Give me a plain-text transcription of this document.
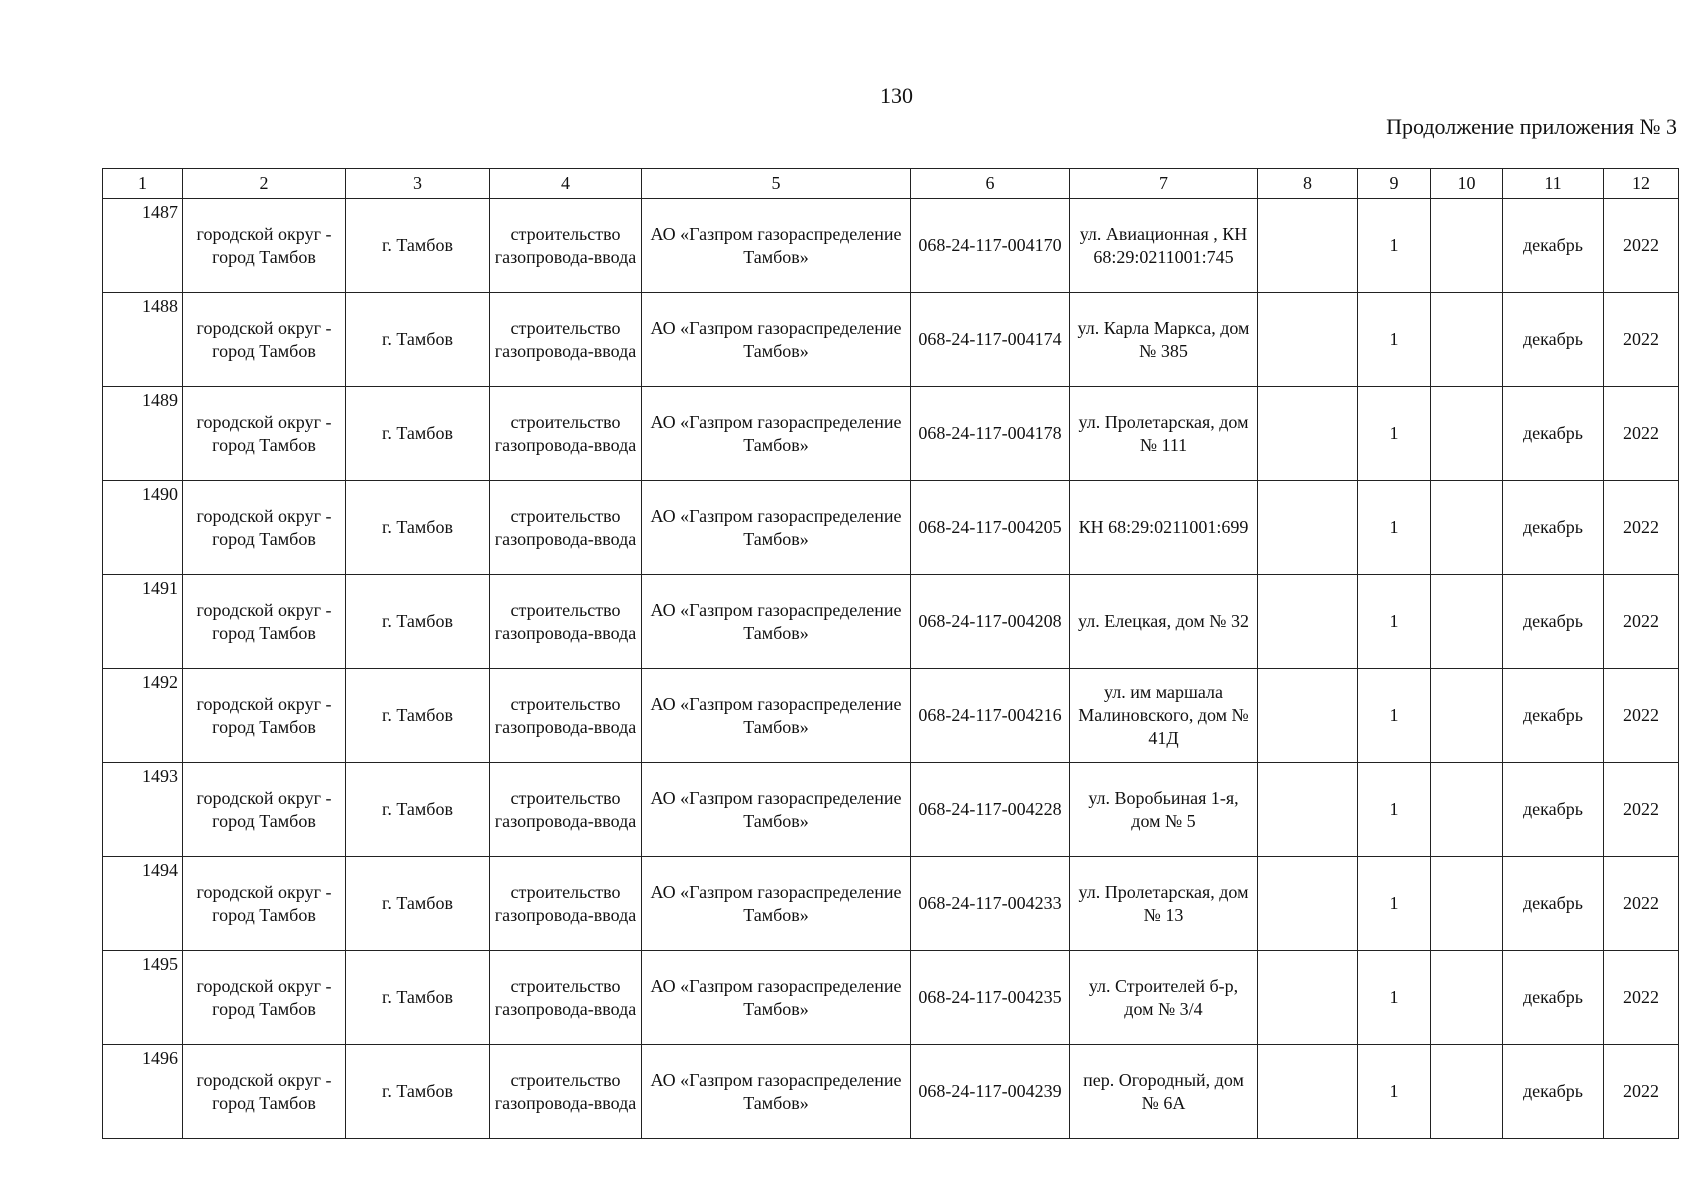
130
Продолжение приложения № 3
1	2	3	4	5	6	7	8	9	10	11	12
1487	городской округ - город Тамбов	г. Тамбов	строительство газопровода-ввода	АО «Газпром газораспределение Тамбов»	068-24-117-004170	ул. Авиационная , КН 68:29:0211001:745		1		декабрь	2022
1488	городской округ - город Тамбов	г. Тамбов	строительство газопровода-ввода	АО «Газпром газораспределение Тамбов»	068-24-117-004174	ул. Карла Маркса, дом № 385		1		декабрь	2022
1489	городской округ - город Тамбов	г. Тамбов	строительство газопровода-ввода	АО «Газпром газораспределение Тамбов»	068-24-117-004178	ул. Пролетарская, дом № 111		1		декабрь	2022
1490	городской округ - город Тамбов	г. Тамбов	строительство газопровода-ввода	АО «Газпром газораспределение Тамбов»	068-24-117-004205	КН 68:29:0211001:699		1		декабрь	2022
1491	городской округ - город Тамбов	г. Тамбов	строительство газопровода-ввода	АО «Газпром газораспределение Тамбов»	068-24-117-004208	ул. Елецкая, дом № 32		1		декабрь	2022
1492	городской округ - город Тамбов	г. Тамбов	строительство газопровода-ввода	АО «Газпром газораспределение Тамбов»	068-24-117-004216	ул. им маршала Малиновского, дом № 41Д		1		декабрь	2022
1493	городской округ - город Тамбов	г. Тамбов	строительство газопровода-ввода	АО «Газпром газораспределение Тамбов»	068-24-117-004228	ул. Воробьиная 1-я, дом № 5		1		декабрь	2022
1494	городской округ - город Тамбов	г. Тамбов	строительство газопровода-ввода	АО «Газпром газораспределение Тамбов»	068-24-117-004233	ул. Пролетарская, дом № 13		1		декабрь	2022
1495	городской округ - город Тамбов	г. Тамбов	строительство газопровода-ввода	АО «Газпром газораспределение Тамбов»	068-24-117-004235	ул. Строителей б-р, дом № 3/4		1		декабрь	2022
1496	городской округ - город Тамбов	г. Тамбов	строительство газопровода-ввода	АО «Газпром газораспределение Тамбов»	068-24-117-004239	пер. Огородный, дом № 6А		1		декабрь	2022
